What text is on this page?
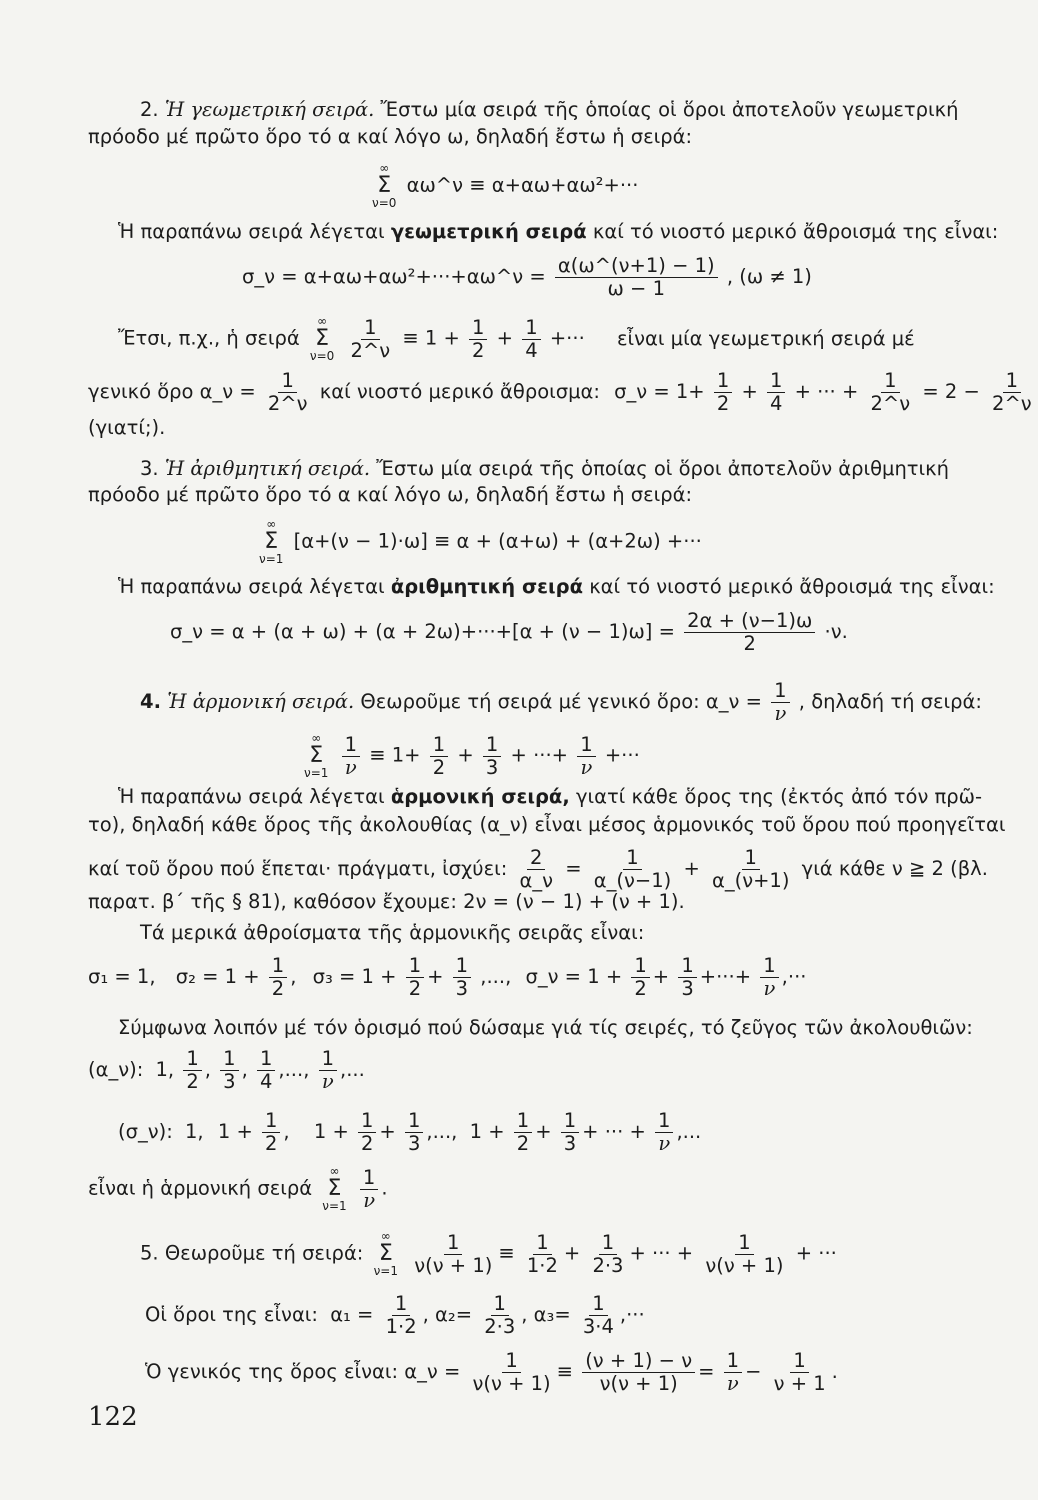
2. Ἡ γεωμετρική σειρά. Ἔστω μία σειρά τῆς ὁποίας οἱ ὅροι ἀποτελοῦν γεωμετρική
πρόοδο μέ πρῶτο ὅρο τό α καί λόγο ω, δηλαδή ἔστω ἡ σειρά:
∞
Σ
ν=0
αω^ν ≡ α+αω+αω²+···
Ἡ παραπάνω σειρά λέγεται γεωμετρική σειρά καί τό νιοστό μερικό ἄθροισμά της εἶναι:
σ_ν = α+αω+αω²+···+αω^ν = $\frac{\alpha(\omega\^{}(\nu+1) - 1)}{\omega - 1}$ , (ω ≠ 1)
Ἔτσι, π.χ., ἡ σειρά
∞
Σ
ν=0
$\frac{1}{2\^{}\nu} \equiv 1 + \frac{1}{2} + \frac{1}{4}$ +··· εἶναι μία γεωμετρική σειρά μέ
γενικό ὅρο α_ν = $\frac{1}{2\^{}\nu}$ καί νιοστό μερικό ἄθροισμα: σ_ν = $1+ \frac{1}{2} + \frac{1}{4}$ + ··· + $\frac{1}{2\^{}\nu} = 2 - \frac{1}{2\^{}\nu}$
(γιατί;).
3. Ἡ ἀριθμητική σειρά. Ἔστω μία σειρά τῆς ὁποίας οἱ ὅροι ἀποτελοῦν ἀριθμητική
πρόοδο μέ πρῶτο ὅρο τό α καί λόγο ω, δηλαδή ἔστω ἡ σειρά:
∞
Σ
ν=1
[α+(ν − 1)·ω] ≡ α + (α+ω) + (α+2ω) +···
Ἡ παραπάνω σειρά λέγεται ἀριθμητική σειρά καί τό νιοστό μερικό ἄθροισμά της εἶναι:
σ_ν = $\alpha + (\alpha + \omega) + (\alpha + 2\omega)+\cdot\cdot\cdot+[\alpha + (\nu - 1)\omega] = \frac{2\alpha + (\nu-1)\omega}{2} \cdot\nu$.
4. Ἡ ἁρμονική σειρά. Θεωροῦμε τή σειρά μέ γενικό ὅρο: α_ν = $\frac{1}{\nu}$ , δηλαδή τή σειρά:
∞
Σ
ν=1
$\frac{1}{\nu} \equiv 1+ \frac{1}{2} + \frac{1}{3}$ + ···+ $\frac{1}{\nu}$ +···
Ἡ παραπάνω σειρά λέγεται ἁρμονική σειρά, γιατί κάθε ὅρος της (ἐκτός ἀπό τόν πρῶ-
το), δηλαδή κάθε ὅρος τῆς ἀκολουθίας (α_ν) εἶναι μέσος ἁρμονικός τοῦ ὅρου πού προηγεῖται
καί τοῦ ὅρου πού ἕπεται· πράγματι, ἰσχύει: $\frac{2}{\alpha\_\nu} = \frac{1}{\alpha\_(\nu-1)} + \frac{1}{\alpha\_(\nu+1)}$ γιά κάθε ν ≧ 2 (βλ.
παρατ. β΄ τῆς § 81), καθόσον ἔχουμε: 2ν = (ν − 1) + (ν + 1).
Τά μερικά ἀθροίσματα τῆς ἁρμονικῆς σειρᾶς εἶναι:
σ₁ = 1, $\sigma_2 = 1 + \frac{1}{2}$ , $\sigma_3 = 1 + \frac{1}{2} + \frac{1}{3}$ ,..., σ_ν = $1 + \frac{1}{2} + \frac{1}{3}$ +···+ $\frac{1}{\nu}$ ,···
Σύμφωνα λοιπόν μέ τόν ὁρισμό πού δώσαμε γιά τίς σειρές, τό ζεῦγος τῶν ἀκολουθιῶν:
(α_ν): 1, $\frac{1}{2}$ , $\frac{1}{3}$ , $\frac{1}{4}$ ,..., $\frac{1}{\nu}$ ,...
(σ_ν): 1, $1 + \frac{1}{2}$ , $1 + \frac{1}{2} + \frac{1}{3}$ ,..., $1 + \frac{1}{2} + \frac{1}{3}$ + ··· + $\frac{1}{\nu}$ ,...
εἶναι ἡ ἁρμονική σειρά
∞
Σ
ν=1
$\frac{1}{\nu}$ .
5. Θεωροῦμε τή σειρά:
∞
Σ
ν=1
$\frac{1}{\nu(\nu + 1)} \equiv \frac{1}{1\cdot 2} + \frac{1}{2\cdot 3}$ + ··· + $\frac{1}{\nu(\nu + 1)}$ + ···
Οἱ ὅροι της εἶναι: $\alpha_1 = \frac{1}{1\cdot 2}$ , $\alpha_2= \frac{1}{2\cdot 3}$ , $\alpha_3= \frac{1}{3\cdot 4}$ ,···
Ὁ γενικός της ὅρος εἶναι: α_ν = $\frac{1}{\nu(\nu + 1)} \equiv \frac{(\nu + 1) - \nu}{\nu(\nu + 1)} = \frac{1}{\nu} - \frac{1}{\nu + 1}$ .
122
